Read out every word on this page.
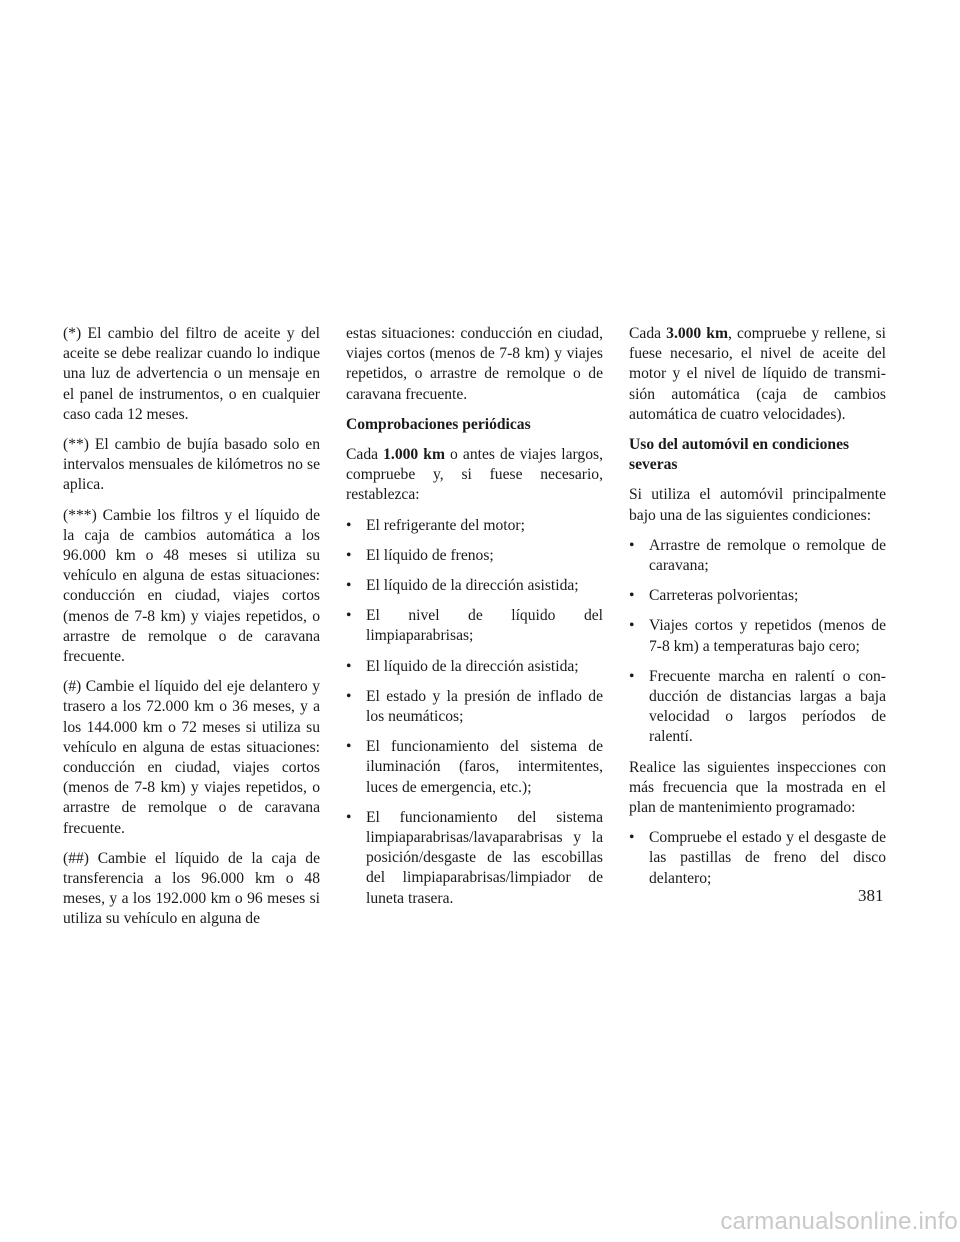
(*) El cambio del filtro de aceite y del aceite se debe realizar cuando lo indique una luz de advertencia o un mensaje en el panel de instrumentos, o en cualquier caso cada 12 meses.

(**) El cambio de bujía basado solo en intervalos mensuales de kilómetros no se aplica.

(***) Cambie los filtros y el líquido de la caja de cambios automática a los 96.000 km o 48 meses si utiliza su vehículo en alguna de estas situaciones: conducción en ciudad, viajes cortos (menos de 7-8 km) y viajes repetidos, o arrastre de remolque o de caravana frecuente.

(#) Cambie el líquido del eje delantero y trasero a los 72.000 km o 36 meses, y a los 144.000 km o 72 meses si utiliza su vehículo en alguna de estas situaciones: conducción en ciudad, viajes cortos (menos de 7-8 km) y viajes repetidos, o arrastre de remolque o de caravana frecuente.

(##) Cambie el líquido de la caja de transferencia a los 96.000 km o 48 meses, y a los 192.000 km o 96 meses si utiliza su vehículo en alguna de

estas situaciones: conducción en ciudad, viajes cortos (menos de 7-8 km) y viajes repetidos, o arrastre de remolque o de caravana frecuente.

Comprobaciones periódicas

Cada 1.000 km o antes de viajes largos, compruebe y, si fuese necesario, restablezca:

• El refrigerante del motor;
• El líquido de frenos;
• El líquido de la dirección asistida;
• El nivel de líquido del limpiaparabrisas;
• El líquido de la dirección asistida;
• El estado y la presión de inflado de los neumáticos;
• El funcionamiento del sistema de iluminación (faros, intermitentes, luces de emergencia, etc.);
• El funcionamiento del sistema limpiaparabrisas/lavaparabrisas y la posición/desgaste de las escobillas del limpiaparabrisas/limpiador de luneta trasera.

Cada 3.000 km, compruebe y rellene, si fuese necesario, el nivel de aceite del motor y el nivel de líquido de transmisión automática (caja de cambios automática de cuatro velocidades).

Uso del automóvil en condiciones severas

Si utiliza el automóvil principalmente bajo una de las siguientes condiciones:

• Arrastre de remolque o remolque de caravana;
• Carreteras polvorientas;
• Viajes cortos y repetidos (menos de 7-8 km) a temperaturas bajo cero;
• Frecuente marcha en ralentí o conducción de distancias largas a baja velocidad o largos períodos de ralentí.

Realice las siguientes inspecciones con más frecuencia que la mostrada en el plan de mantenimiento programado:

• Compruebe el estado y el desgaste de las pastillas de freno del disco delantero;
381
carmanualsonline.info
